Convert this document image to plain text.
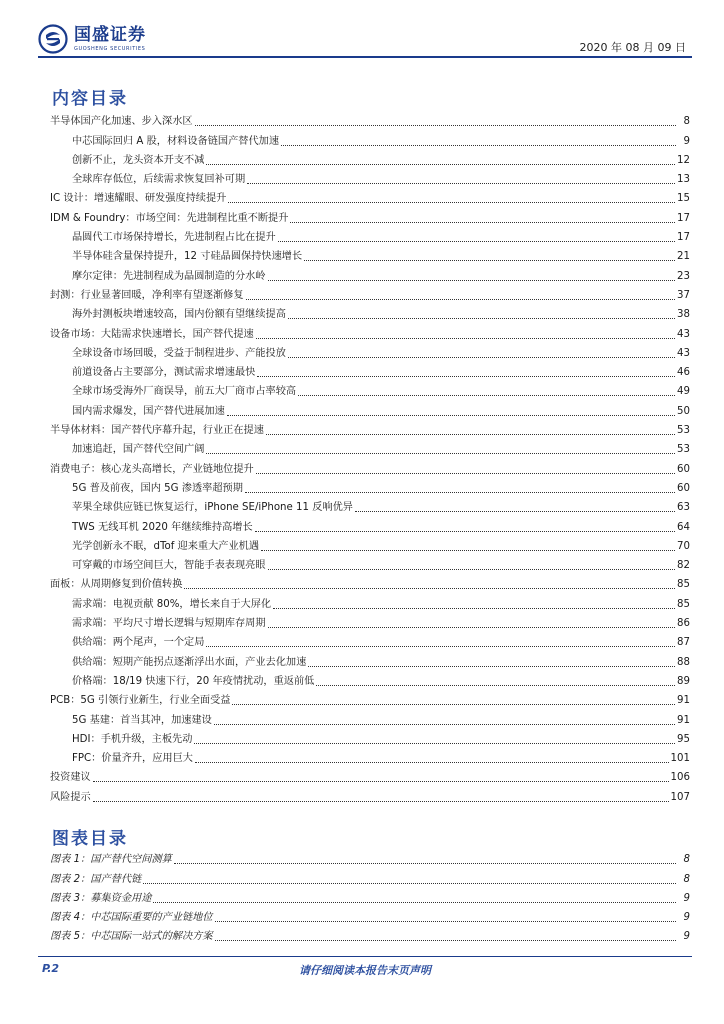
国盛证券
GUOSHENG SECURITIES	2020 年 08 月 09 日
内容目录
半导体国产化加速、步入深水区	8
中芯国际回归 A 股，材料设备链国产替代加速	9
创新不止，龙头资本开支不减	12
全球库存低位，后续需求恢复回补可期	13
IC 设计：增速耀眼、研发强度持续提升	15
IDM & Foundry：市场空间：先进制程比重不断提升	17
晶圆代工市场保持增长，先进制程占比在提升	17
半导体硅含量保持提升，12 寸硅晶圆保持快速增长	21
摩尔定律：先进制程成为晶圆制造的分水岭	23
封测：行业显著回暖，净利率有望逐渐修复	37
海外封测板块增速较高，国内份额有望继续提高	38
设备市场：大陆需求快速增长，国产替代提速	43
全球设备市场回暖，受益于制程进步、产能投放	43
前道设备占主要部分，测试需求增速最快	46
全球市场受海外厂商误导，前五大厂商市占率较高	49
国内需求爆发，国产替代进展加速	50
半导体材料：国产替代序幕升起，行业正在提速	53
加速追赶，国产替代空间广阔	53
消费电子：核心龙头高增长，产业链地位提升	60
5G 普及前夜，国内 5G 渗透率超预期	60
苹果全球供应链已恢复运行，iPhone SE/iPhone 11 反响优异	63
TWS 无线耳机 2020 年继续维持高增长	64
光学创新永不眠，dTof 迎来重大产业机遇	70
可穿戴的市场空间巨大，智能手表表现亮眼	82
面板：从周期修复到价值转换	85
需求端：电视贡献 80%，增长来自于大屏化	85
需求端：平均尺寸增长逻辑与短期库存周期	86
供给端：两个尾声，一个定局	87
供给端：短期产能拐点逐渐浮出水面，产业去化加速	88
价格端：18/19 快速下行，20 年疫情扰动，重返前低	89
PCB：5G 引领行业新生，行业全面受益	91
5G 基建：首当其冲，加速建设	91
HDI：手机升级，主板先动	95
FPC：价量齐升，应用巨大	101
投资建议	106
风险提示	107
图表目录
图表 1：国产替代空间测算	8
图表 2：国产替代链	8
图表 3：募集资金用途	9
图表 4：中芯国际重要的产业链地位	9
图表 5：中芯国际一站式的解决方案	9
请仔细阅读本报告末页声明
P.2
